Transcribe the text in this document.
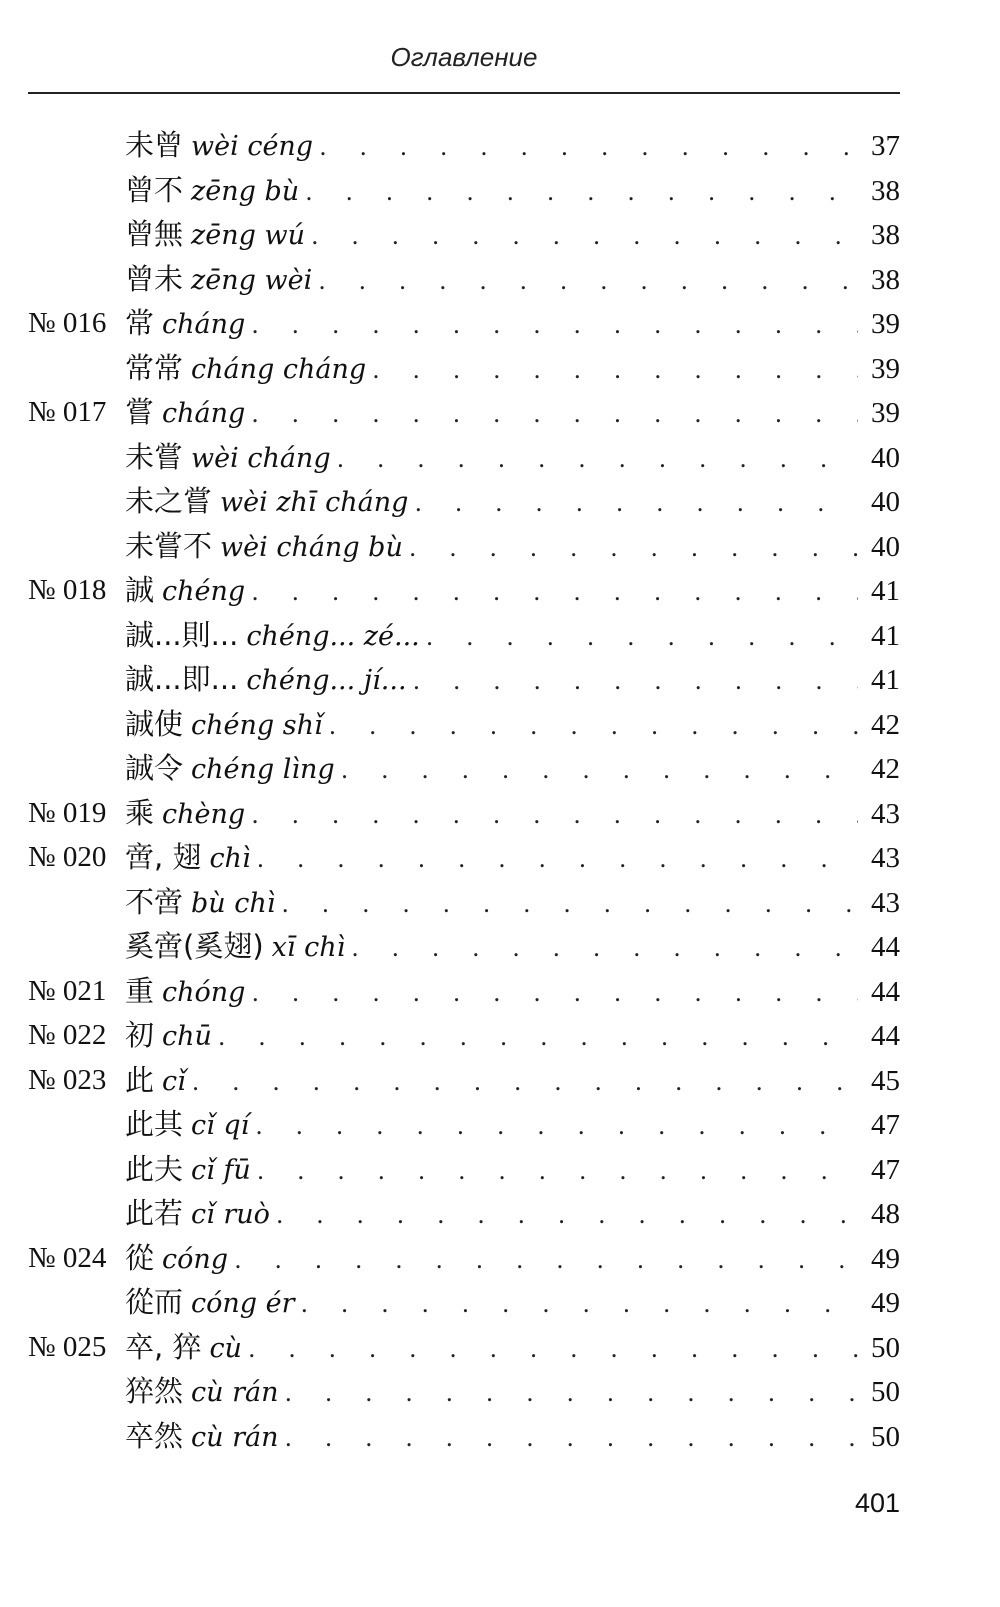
Оглавление
未曾 wèi céng . . .	37
曾不 zēng bù . . .	38
曾無 zēng wú . . .	38
曾未 zēng wèi . . .	38
№ 016 常 cháng . . .	39
常常 cháng cháng . . .	39
№ 017 嘗 cháng . . .	39
未嘗 wèi cháng . . .	40
未之嘗 wèi zhī cháng . . .	40
未嘗不 wèi cháng bù . . .	40
№ 018 誠 chéng . . .	41
誠...則... chéng... zé... . . .	41
誠...即... chéng... jí... . . .	41
誠使 chéng shǐ . . .	42
誠令 chéng lìng . . .	42
№ 019 乘 chèng . . .	43
№ 020 啻, 翅 chì . . .	43
不啻 bù chì . . .	43
奚啻(奚翅) xī chì . . .	44
№ 021 重 chóng . . .	44
№ 022 初 chū . . .	44
№ 023 此 cǐ . . .	45
此其 cǐ qí . . .	47
此夫 cǐ fū . . .	47
此若 cǐ ruò . . .	48
№ 024 從 cóng . . .	49
從而 cóng ér . . .	49
№ 025 卒, 猝 cù . . .	50
猝然 cù rán . . .	50
卒然 cù rán . . .	50
401
